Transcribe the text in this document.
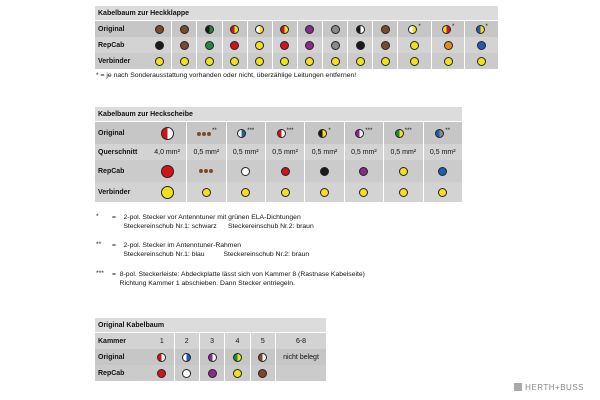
Kabelbaum zur Heckklappe													
Original											*	*	*
RepCab													
Verbinder													
* = je nach Sonderausstattung vorhanden oder nicht, überzählige Leitungen entfernen!
Kabelbaum zur Heckscheibe								
Original		**	***	***	*	***	***	**
Querschnitt	4,0 mm²	0,5 mm²	0,5 mm²	0,5 mm²	0,5 mm²	0,5 mm²	0,5 mm²	0,5 mm²
RepCab								
Verbinder								
* =    2-pol. Stecker vor Antenntuner mit grünen ELA-Dichtungen
Steckereinschub Nr.1: schwarz      Steckereinschub Nr.2: braun
** =    2-pol. Stecker im Antenntuner-Rahmen
Steckereinschub Nr.1: blau          Steckereinschub Nr.2: braun
*** =  8-pol. Steckerleiste: Abdeckplatte lässt sich von Kammer 8 (Rastnase Kabelseite)
Richtung Kammer 1 abschieben. Dann Stecker entriegeln.
Original Kabelbaum						
Kammer	1	2	3	4	5	6-8
Original						nicht belegt
RepCab						
HERTH+BUSS
